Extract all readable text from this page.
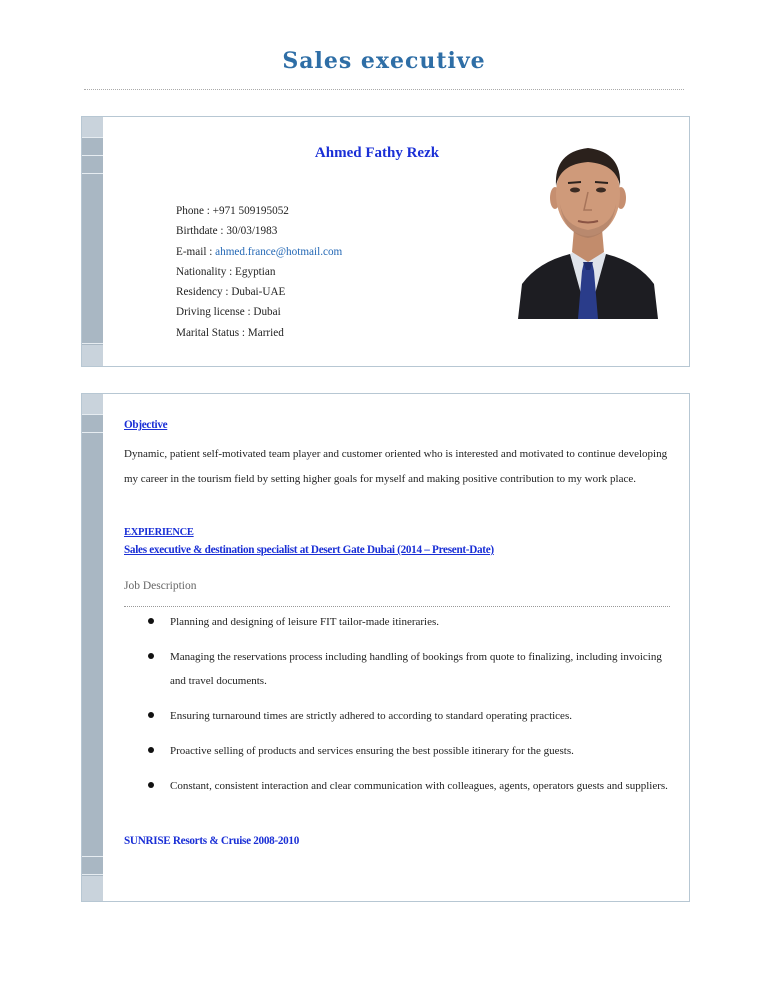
Sales executive
Ahmed Fathy Rezk
Phone : +971 509195052
Birthdate : 30/03/1983
E-mail : ahmed.france@hotmail.com
Nationality : Egyptian
Residency : Dubai-UAE
Driving license : Dubai
Marital Status : Married
Objective
Dynamic, patient self-motivated team player and customer oriented who is interested and motivated to continue developing my career in the tourism field by setting higher goals for myself and making positive contribution to my work place.
EXPIERIENCE
Sales executive & destination specialist at Desert Gate Dubai (2014 – Present-Date)
Job Description
Planning and designing of leisure FIT tailor-made itineraries.
Managing the reservations process including handling of bookings from quote to finalizing, including invoicing and travel documents.
Ensuring turnaround times are strictly adhered to according to standard operating practices.
Proactive selling of products and services ensuring the best possible itinerary for the guests.
Constant, consistent interaction and clear communication with colleagues, agents, operators guests and suppliers.
SUNRISE Resorts & Cruise 2008-2010
